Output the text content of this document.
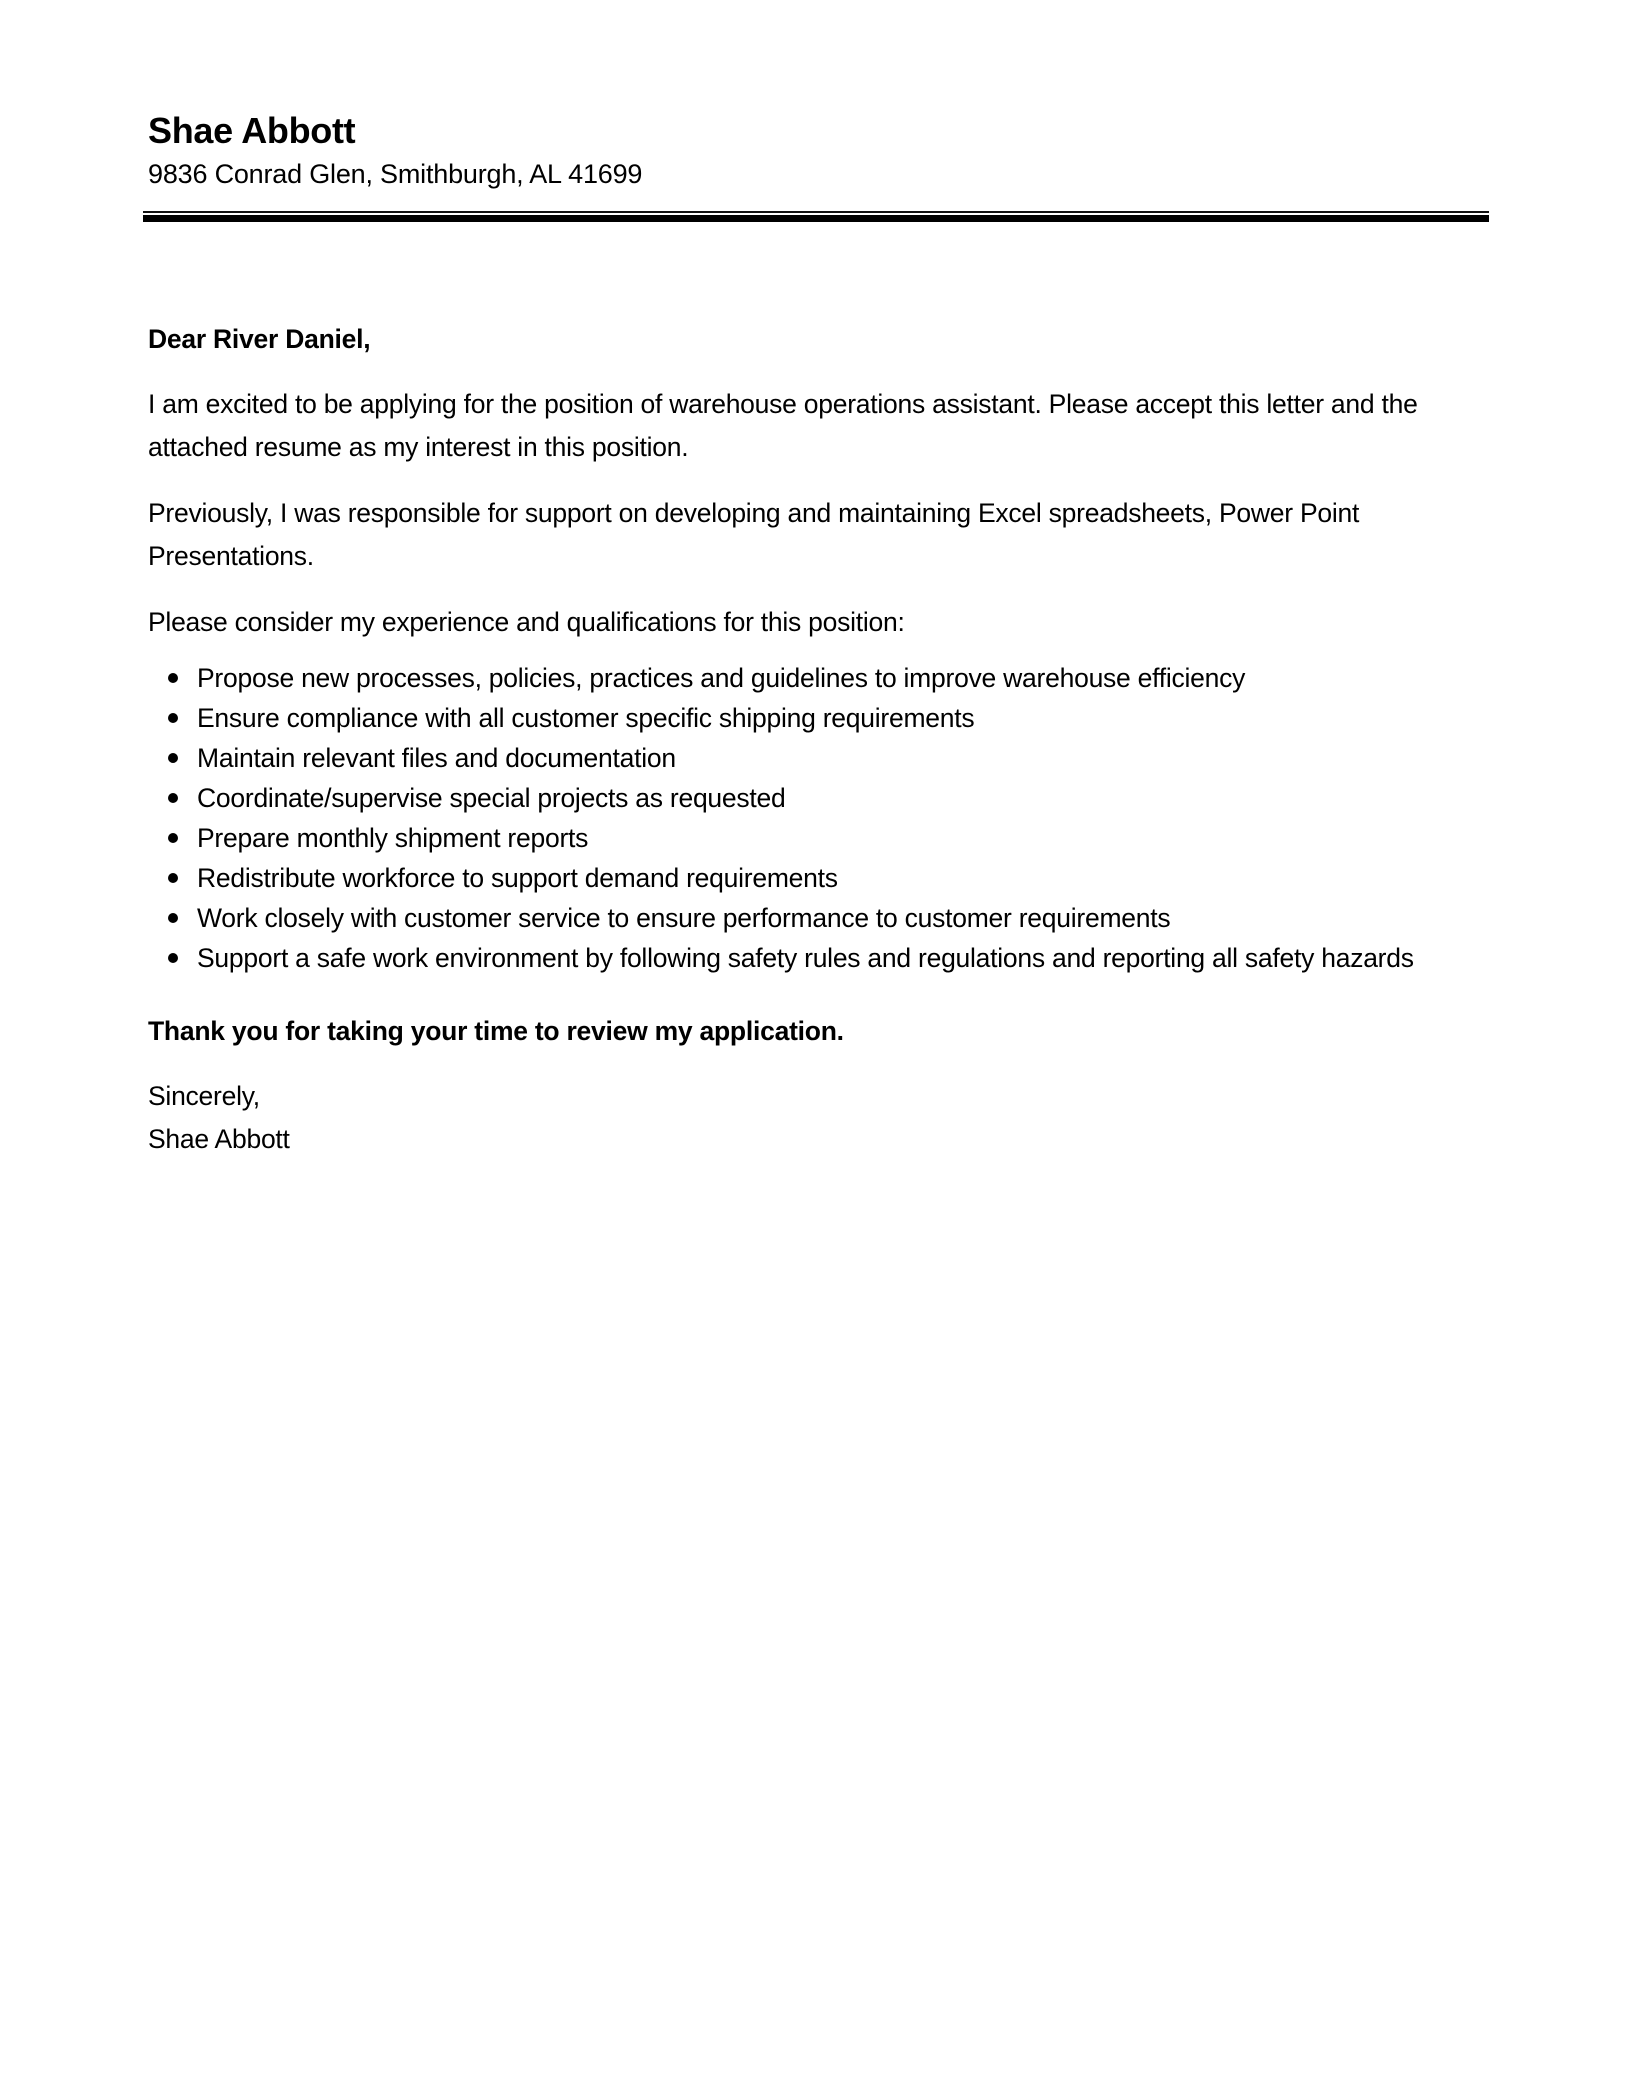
Shae Abbott
9836 Conrad Glen, Smithburgh, AL 41699
Dear River Daniel,

I am excited to be applying for the position of warehouse operations assistant. Please accept this letter and the attached resume as my interest in this position.

Previously, I was responsible for support on developing and maintaining Excel spreadsheets, Power Point Presentations.

Please consider my experience and qualifications for this position:

Propose new processes, policies, practices and guidelines to improve warehouse efficiency
Ensure compliance with all customer specific shipping requirements
Maintain relevant files and documentation
Coordinate/supervise special projects as requested
Prepare monthly shipment reports
Redistribute workforce to support demand requirements
Work closely with customer service to ensure performance to customer requirements
Support a safe work environment by following safety rules and regulations and reporting all safety hazards
Thank you for taking your time to review my application.
Sincerely,
Shae Abbott
